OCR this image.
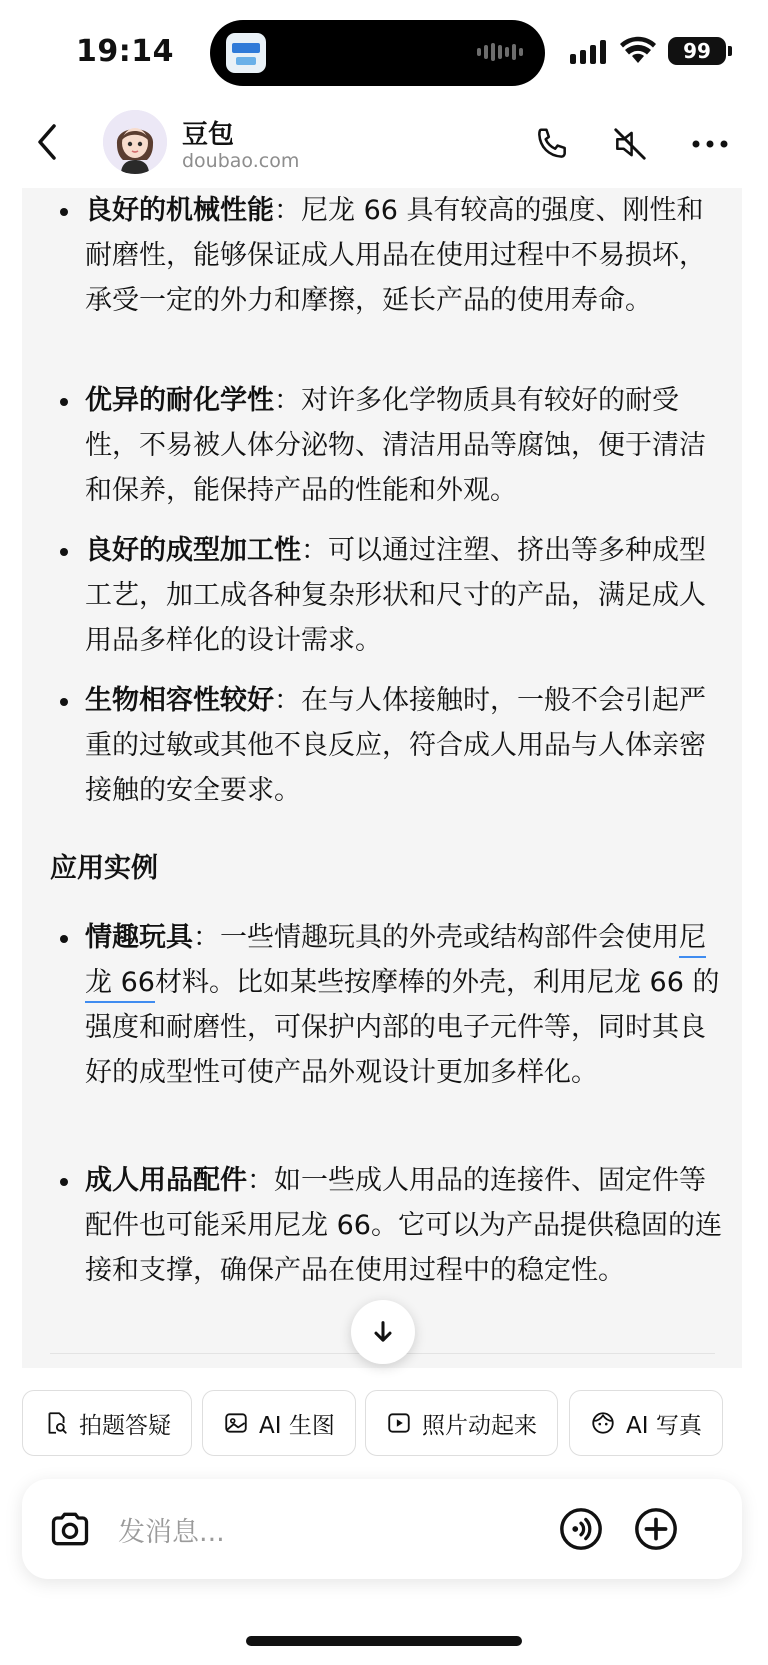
19:14	99
豆包
doubao.com
良好的机械性能：尼龙 66 具有较高的强度、刚性和耐磨性，能够保证成人用品在使用过程中不易损坏，承受一定的外力和摩擦，延长产品的使用寿命。
优异的耐化学性：对许多化学物质具有较好的耐受性，不易被人体分泌物、清洁用品等腐蚀，便于清洁和保养，能保持产品的性能和外观。
良好的成型加工性：可以通过注塑、挤出等多种成型工艺，加工成各种复杂形状和尺寸的产品，满足成人用品多样化的设计需求。
生物相容性较好：在与人体接触时，一般不会引起严重的过敏或其他不良反应，符合成人用品与人体亲密接触的安全要求。
应用实例
情趣玩具：一些情趣玩具的外壳或结构部件会使用尼龙 66材料。比如某些按摩棒的外壳，利用尼龙 66 的强度和耐磨性，可保护内部的电子元件等，同时其良好的成型性可使产品外观设计更加多样化。
成人用品配件：如一些成人用品的连接件、固定件等配件也可能采用尼龙 66。它可以为产品提供稳固的连接和支撑，确保产品在使用过程中的稳定性。
拍题答疑	AI 生图	照片动起来	AI 写真
发消息...
